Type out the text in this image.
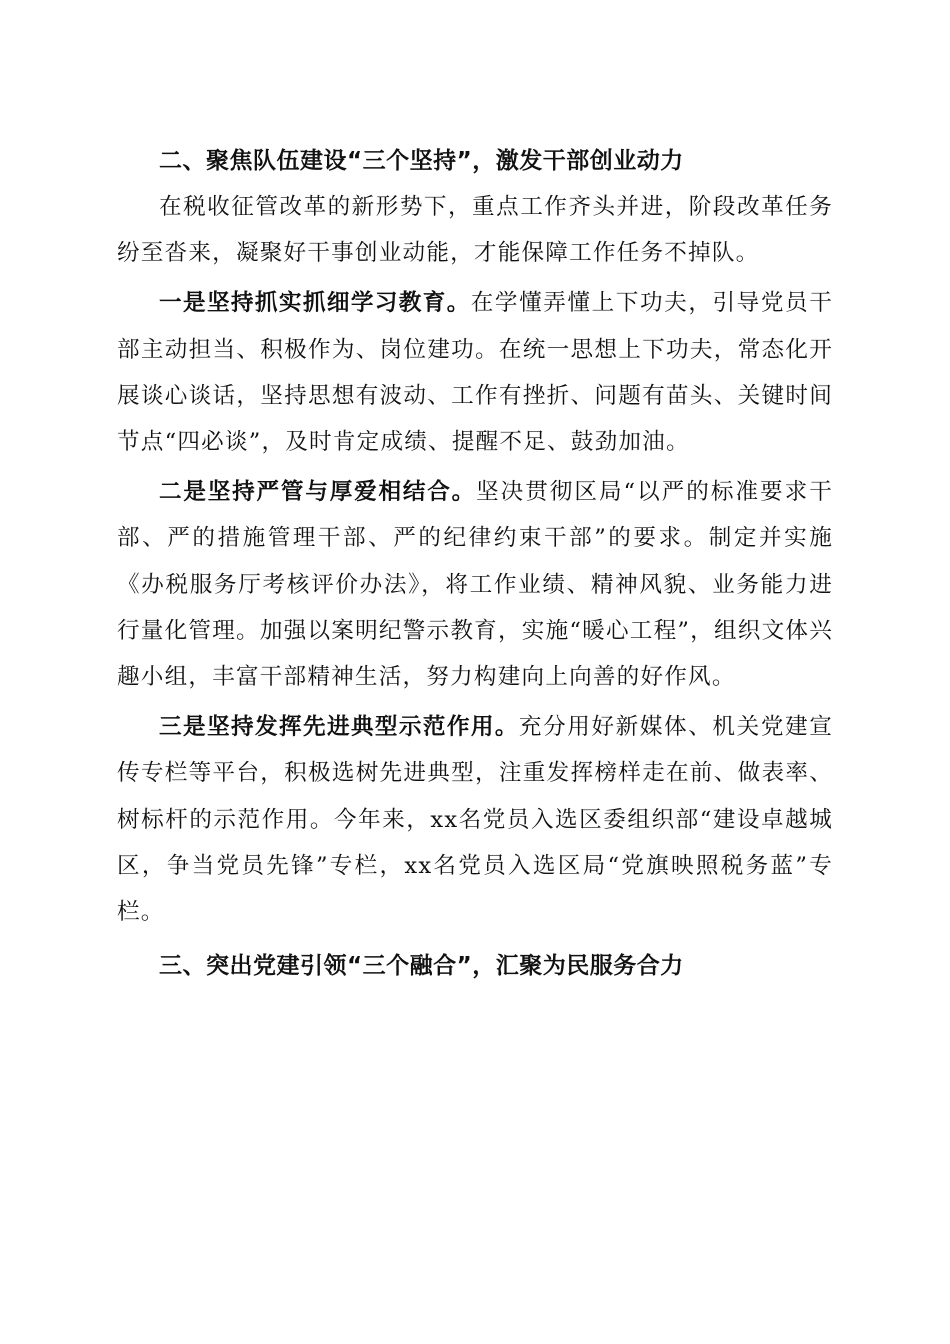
二、聚焦队伍建设“三个坚持”，激发干部创业动力

在税收征管改革的新形势下，重点工作齐头并进，阶段改革任务纷至沓来，凝聚好干事创业动能，才能保障工作任务不掉队。

一是坚持抓实抓细学习教育。在学懂弄懂上下功夫，引导党员干部主动担当、积极作为、岗位建功。在统一思想上下功夫，常态化开展谈心谈话，坚持思想有波动、工作有挫折、问题有苗头、关键时间节点“四必谈”，及时肯定成绩、提醒不足、鼓劲加油。

二是坚持严管与厚爱相结合。坚决贯彻区局“以严的标准要求干部、严的措施管理干部、严的纪律约束干部”的要求。制定并实施《办税服务厅考核评价办法》，将工作业绩、精神风貌、业务能力进行量化管理。加强以案明纪警示教育，实施“暖心工程”，组织文体兴趣小组，丰富干部精神生活，努力构建向上向善的好作风。

三是坚持发挥先进典型示范作用。充分用好新媒体、机关党建宣传专栏等平台，积极选树先进典型，注重发挥榜样走在前、做表率、树标杆的示范作用。今年来，xx名党员入选区委组织部“建设卓越城区，争当党员先锋”专栏，xx名党员入选区局“党旗映照税务蓝”专栏。

三、突出党建引领“三个融合”，汇聚为民服务合力
